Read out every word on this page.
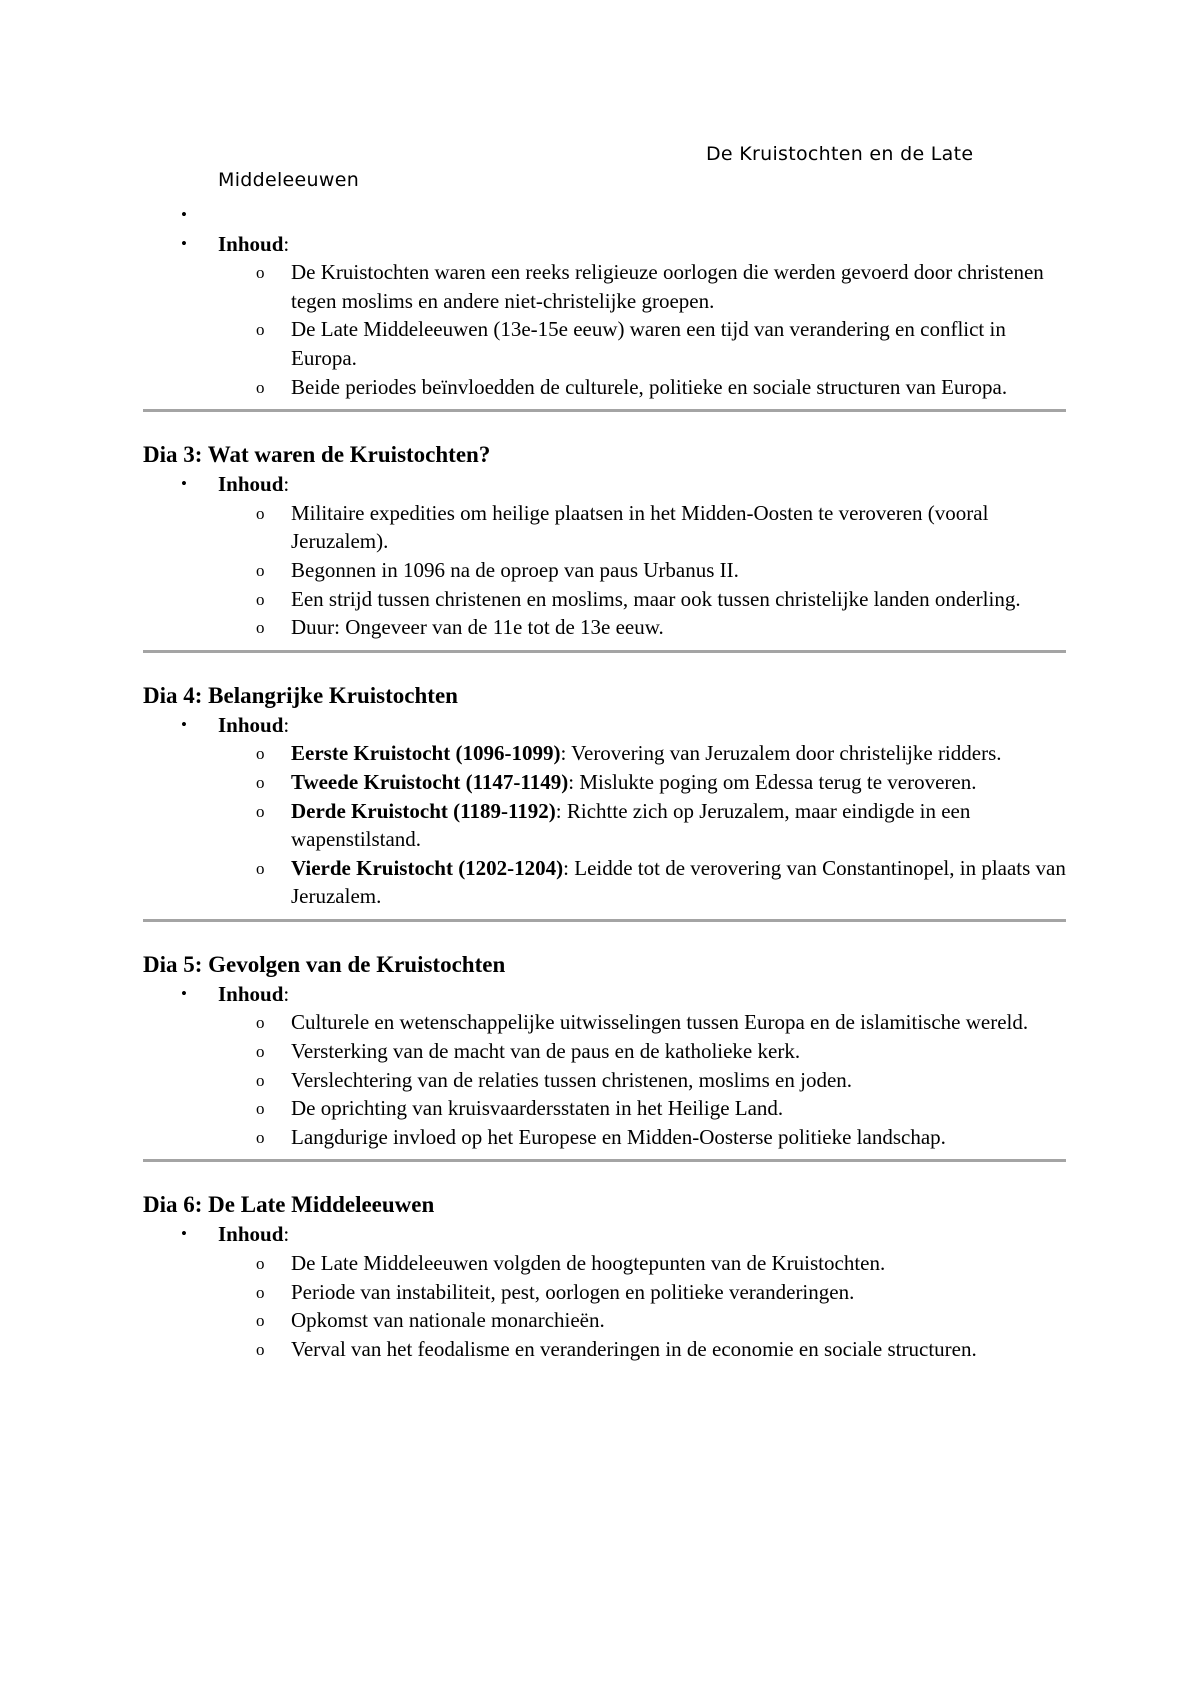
De Kruistochten en de Late
Middeleeuwen
•
• Inhoud:
o De Kruistochten waren een reeks religieuze oorlogen die werden gevoerd door christenen tegen moslims en andere niet-christelijke groepen.
o De Late Middeleeuwen (13e-15e eeuw) waren een tijd van verandering en conflict in Europa.
o Beide periodes beïnvloedden de culturele, politieke en sociale structuren van Europa.
Dia 3: Wat waren de Kruistochten?
• Inhoud:
o Militaire expedities om heilige plaatsen in het Midden-Oosten te veroveren (vooral Jeruzalem).
o Begonnen in 1096 na de oproep van paus Urbanus II.
o Een strijd tussen christenen en moslims, maar ook tussen christelijke landen onderling.
o Duur: Ongeveer van de 11e tot de 13e eeuw.
Dia 4: Belangrijke Kruistochten
• Inhoud:
o Eerste Kruistocht (1096-1099): Verovering van Jeruzalem door christelijke ridders.
o Tweede Kruistocht (1147-1149): Mislukte poging om Edessa terug te veroveren.
o Derde Kruistocht (1189-1192): Richtte zich op Jeruzalem, maar eindigde in een wapenstilstand.
o Vierde Kruistocht (1202-1204): Leidde tot de verovering van Constantinopel, in plaats van Jeruzalem.
Dia 5: Gevolgen van de Kruistochten
• Inhoud:
o Culturele en wetenschappelijke uitwisselingen tussen Europa en de islamitische wereld.
o Versterking van de macht van de paus en de katholieke kerk.
o Verslechtering van de relaties tussen christenen, moslims en joden.
o De oprichting van kruisvaardersstaten in het Heilige Land.
o Langdurige invloed op het Europese en Midden-Oosterse politieke landschap.
Dia 6: De Late Middeleeuwen
• Inhoud:
o De Late Middeleeuwen volgden de hoogtepunten van de Kruistochten.
o Periode van instabiliteit, pest, oorlogen en politieke veranderingen.
o Opkomst van nationale monarchieën.
o Verval van het feodalisme en veranderingen in de economie en sociale structuren.
